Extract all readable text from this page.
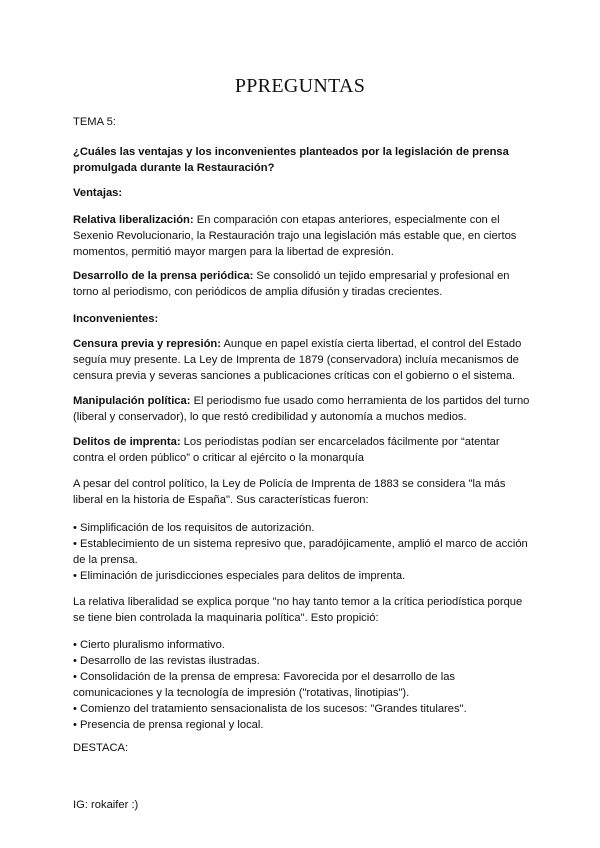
PPREGUNTAS

TEMA 5:

¿Cuáles las ventajas y los inconvenientes planteados por la legislación de prensa promulgada durante la Restauración?

Ventajas:

Relativa liberalización: En comparación con etapas anteriores, especialmente con el Sexenio Revolucionario, la Restauración trajo una legislación más estable que, en ciertos momentos, permitió mayor margen para la libertad de expresión.

Desarrollo de la prensa periódica: Se consolidó un tejido empresarial y profesional en torno al periodismo, con periódicos de amplia difusión y tiradas crecientes.

Inconvenientes:

Censura previa y represión: Aunque en papel existía cierta libertad, el control del Estado seguía muy presente. La Ley de Imprenta de 1879 (conservadora) incluía mecanismos de censura previa y severas sanciones a publicaciones críticas con el gobierno o el sistema.

Manipulación política: El periodismo fue usado como herramienta de los partidos del turno (liberal y conservador), lo que restó credibilidad y autonomía a muchos medios.

Delitos de imprenta: Los periodistas podían ser encarcelados fácilmente por “atentar contra el orden público” o criticar al ejército o la monarquía

A pesar del control político, la Ley de Policía de Imprenta de 1883 se considera "la más liberal en la historia de España". Sus características fueron:

• Simplificación de los requisitos de autorización.
• Establecimiento de un sistema represivo que, paradójicamente, amplió el marco de acción de la prensa.
• Eliminación de jurisdicciones especiales para delitos de imprenta.

La relativa liberalidad se explica porque "no hay tanto temor a la crítica periodística porque se tiene bien controlada la maquinaria política". Esto propició:

• Cierto pluralismo informativo.
• Desarrollo de las revistas ilustradas.
• Consolidación de la prensa de empresa: Favorecida por el desarrollo de las comunicaciones y la tecnología de impresión ("rotativas, linotipias").
• Comienzo del tratamiento sensacionalista de los sucesos: "Grandes titulares".
• Presencia de prensa regional y local.

DESTACA:

IG: rokaifer :)
